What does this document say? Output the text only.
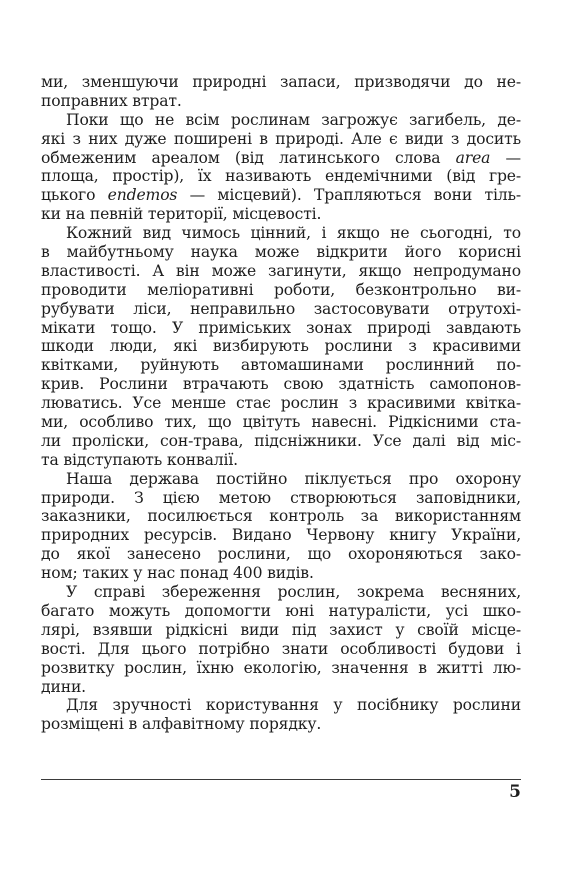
ми, зменшуючи природні запаси, призводячи до не-
поправних втрат.
Поки що не всім рослинам загрожує загибель, де-
які з них дуже поширені в природі. Але є види з досить
обмеженим ареалом (від латинського слова area —
площа, простір), їх називають ендемічними (від гре-
цького endemos — місцевий). Трапляються вони тіль-
ки на певній території, місцевості.
Кожний вид чимось цінний, і якщо не сьогодні, то
в майбутньому наука може відкрити його корисні
властивості. А він може загинути, якщо непродумано
проводити меліоративні роботи, безконтрольно ви-
рубувати ліси, неправильно застосовувати отрутохі-
мікати тощо. У приміських зонах природі завдають
шкоди люди, які визбирують рослини з красивими
квітками, руйнують автомашинами рослинний по-
крив. Рослини втрачають свою здатність самопонов-
люватись. Усе менше стає рослин з красивими квітка-
ми, особливо тих, що цвітуть навесні. Рідкісними ста-
ли проліски, сон-трава, підсніжники. Усе далі від міс-
та відступають конвалії.
Наша держава постійно піклується про охорону
природи. З цією метою створюються заповідники,
заказники, посилюється контроль за використанням
природних ресурсів. Видано Червону книгу України,
до якої занесено рослини, що охороняються зако-
ном; таких у нас понад 400 видів.
У справі збереження рослин, зокрема весняних,
багато можуть допомогти юні натуралісти, усі шко-
лярі, взявши рідкісні види під захист у своїй місце-
вості. Для цього потрібно знати особливості будови і
розвитку рослин, їхню екологію, значення в житті лю-
дини.
Для зручності користування у посібнику рослини
розміщені в алфавітному порядку.
5
